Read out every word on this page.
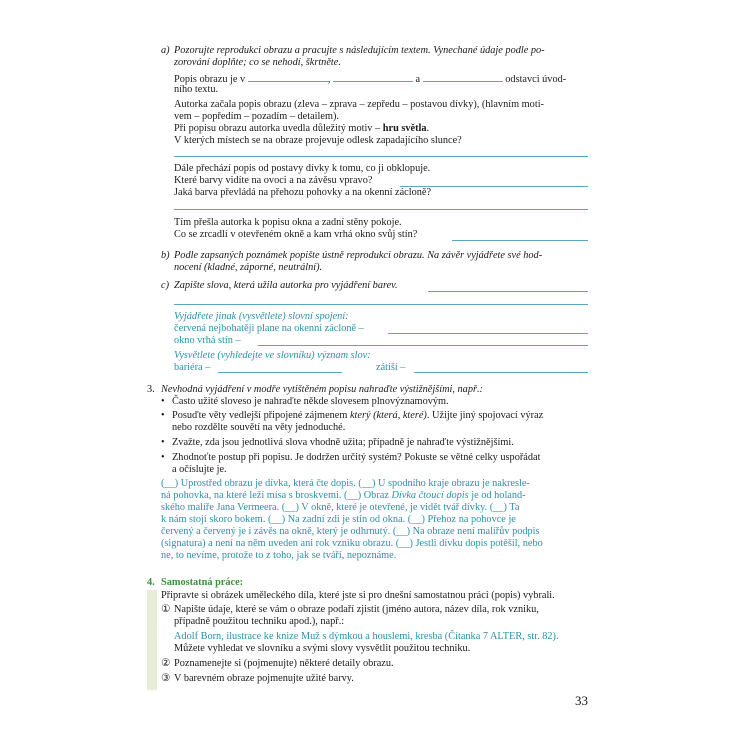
a) Pozorujte reprodukci obrazu a pracujte s následujícím textem. Vynechané údaje podle po-
zorování doplňte; co se nehodí, škrtněte.
Popis obrazu je v	,	a	odstavci úvod-
ního textu.
Autorka začala popis obrazu (zleva – zprava – zepředu – postavou dívky), (hlavním moti-
vem – popředím – pozadím – detailem).
Při popisu obrazu autorka uvedla důležitý motiv – hru světla.
V kterých místech se na obraze projevuje odlesk zapadajícího slunce?
Dále přechází popis od postavy dívky k tomu, co ji obklopuje.
Které barvy vidíte na ovoci a na závěsu vpravo?
Jaká barva převládá na přehozu pohovky a na okenní zácloně?
Tím přešla autorka k popisu okna a zadní stěny pokoje.
Co se zrcadlí v otevřeném okně a kam vrhá okno svůj stín?
b) Podle zapsaných poznámek popište ústně reprodukci obrazu. Na závěr vyjádřete své hod-
nocení (kladné, záporné, neutrální).
c) Zapište slova, která užila autorka pro vyjádření barev.
Vyjádřete jinak (vysvětlete) slovní spojení:
červená nejbohatěji plane na okenní zácloně –
okno vrhá stín –
Vysvětlete (vyhledejte ve slovníku) význam slov:
bariéra –	zátiší –
3. Nevhodná vyjádření v modře vytištěném popisu nahraďte výstižnějšími, např.:
• Často užité sloveso je nahraďte někde slovesem plnovýznamovým.
• Posuďte věty vedlejší připojené zájmenem který (která, které). Užijte jiný spojovací výraz
nebo rozdělte souvětí na věty jednoduché.
• Zvažte, zda jsou jednotlivá slova vhodně užita; případně je nahraďte výstižnějšími.
• Zhodnoťte postup při popisu. Je dodržen určitý systém? Pokuste se větné celky uspořádat
a očíslujte je.
(__) Uprostřed obrazu je dívka, která čte dopis. (__) U spodního kraje obrazu je nakresle-
ná pohovka, na které leží mísa s broskvemi. (__) Obraz Dívka čtoucí dopis je od holand-
ského malíře Jana Vermeera. (__) V okně, které je otevřené, je vidět tvář dívky. (__) Ta
k nám stojí skoro bokem. (__) Na zadní zdi je stín od okna. (__) Přehoz na pohovce je
červený a červený je i závěs na okně, který je odhrnutý. (__) Na obraze není malířův podpis
(signatura) a není na něm uveden ani rok vzniku obrazu. (__) Jestli dívku dopis potěšil, nebo
ne, to nevíme, protože to z toho, jak se tváří, nepoznáme.
4. Samostatná práce:
Připravte si obrázek uměleckého díla, které jste si pro dnešní samostatnou práci (popis) vybrali.
① Napište údaje, které se vám o obraze podaří zjistit (jméno autora, název díla, rok vzniku,
případně použitou techniku apod.), např.:
Adolf Born, ilustrace ke knize Muž s dýmkou a houslemi, kresba (Čítanka 7 ALTER, str. 82).
Můžete vyhledat ve slovníku a svými slovy vysvětlit použitou techniku.
② Poznamenejte si (pojmenujte) některé detaily obrazu.
③ V barevném obraze pojmenujte užité barvy.
33
